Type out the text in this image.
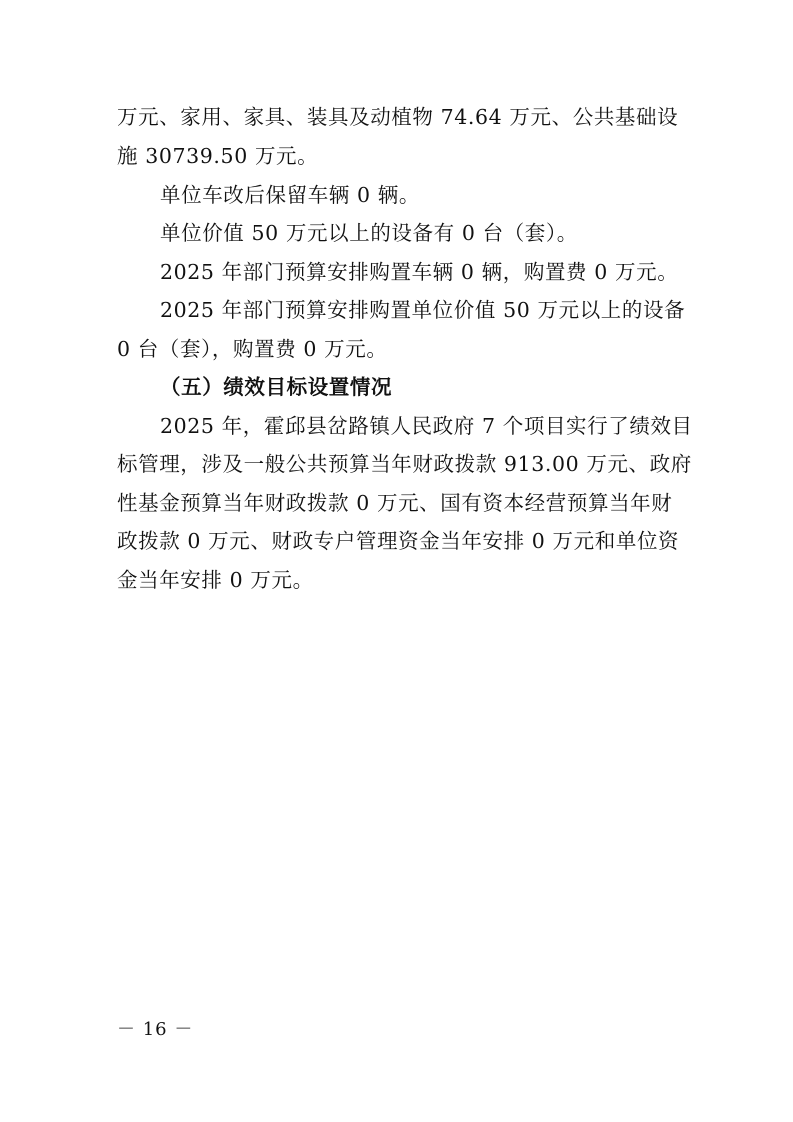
万元、家用、家具、装具及动植物 74.64 万元、公共基础设
施 30739.50 万元。
单位车改后保留车辆 0 辆。
单位价值 50 万元以上的设备有 0 台（套）。
2025 年部门预算安排购置车辆 0 辆，购置费 0 万元。
2025 年部门预算安排购置单位价值 50 万元以上的设备
0 台（套），购置费 0 万元。
（五）绩效目标设置情况
2025 年，霍邱县岔路镇人民政府 7 个项目实行了绩效目
标管理，涉及一般公共预算当年财政拨款 913.00 万元、政府
性基金预算当年财政拨款 0 万元、国有资本经营预算当年财
政拨款 0 万元、财政专户管理资金当年安排 0 万元和单位资
金当年安排 0 万元。
－ 16 －
